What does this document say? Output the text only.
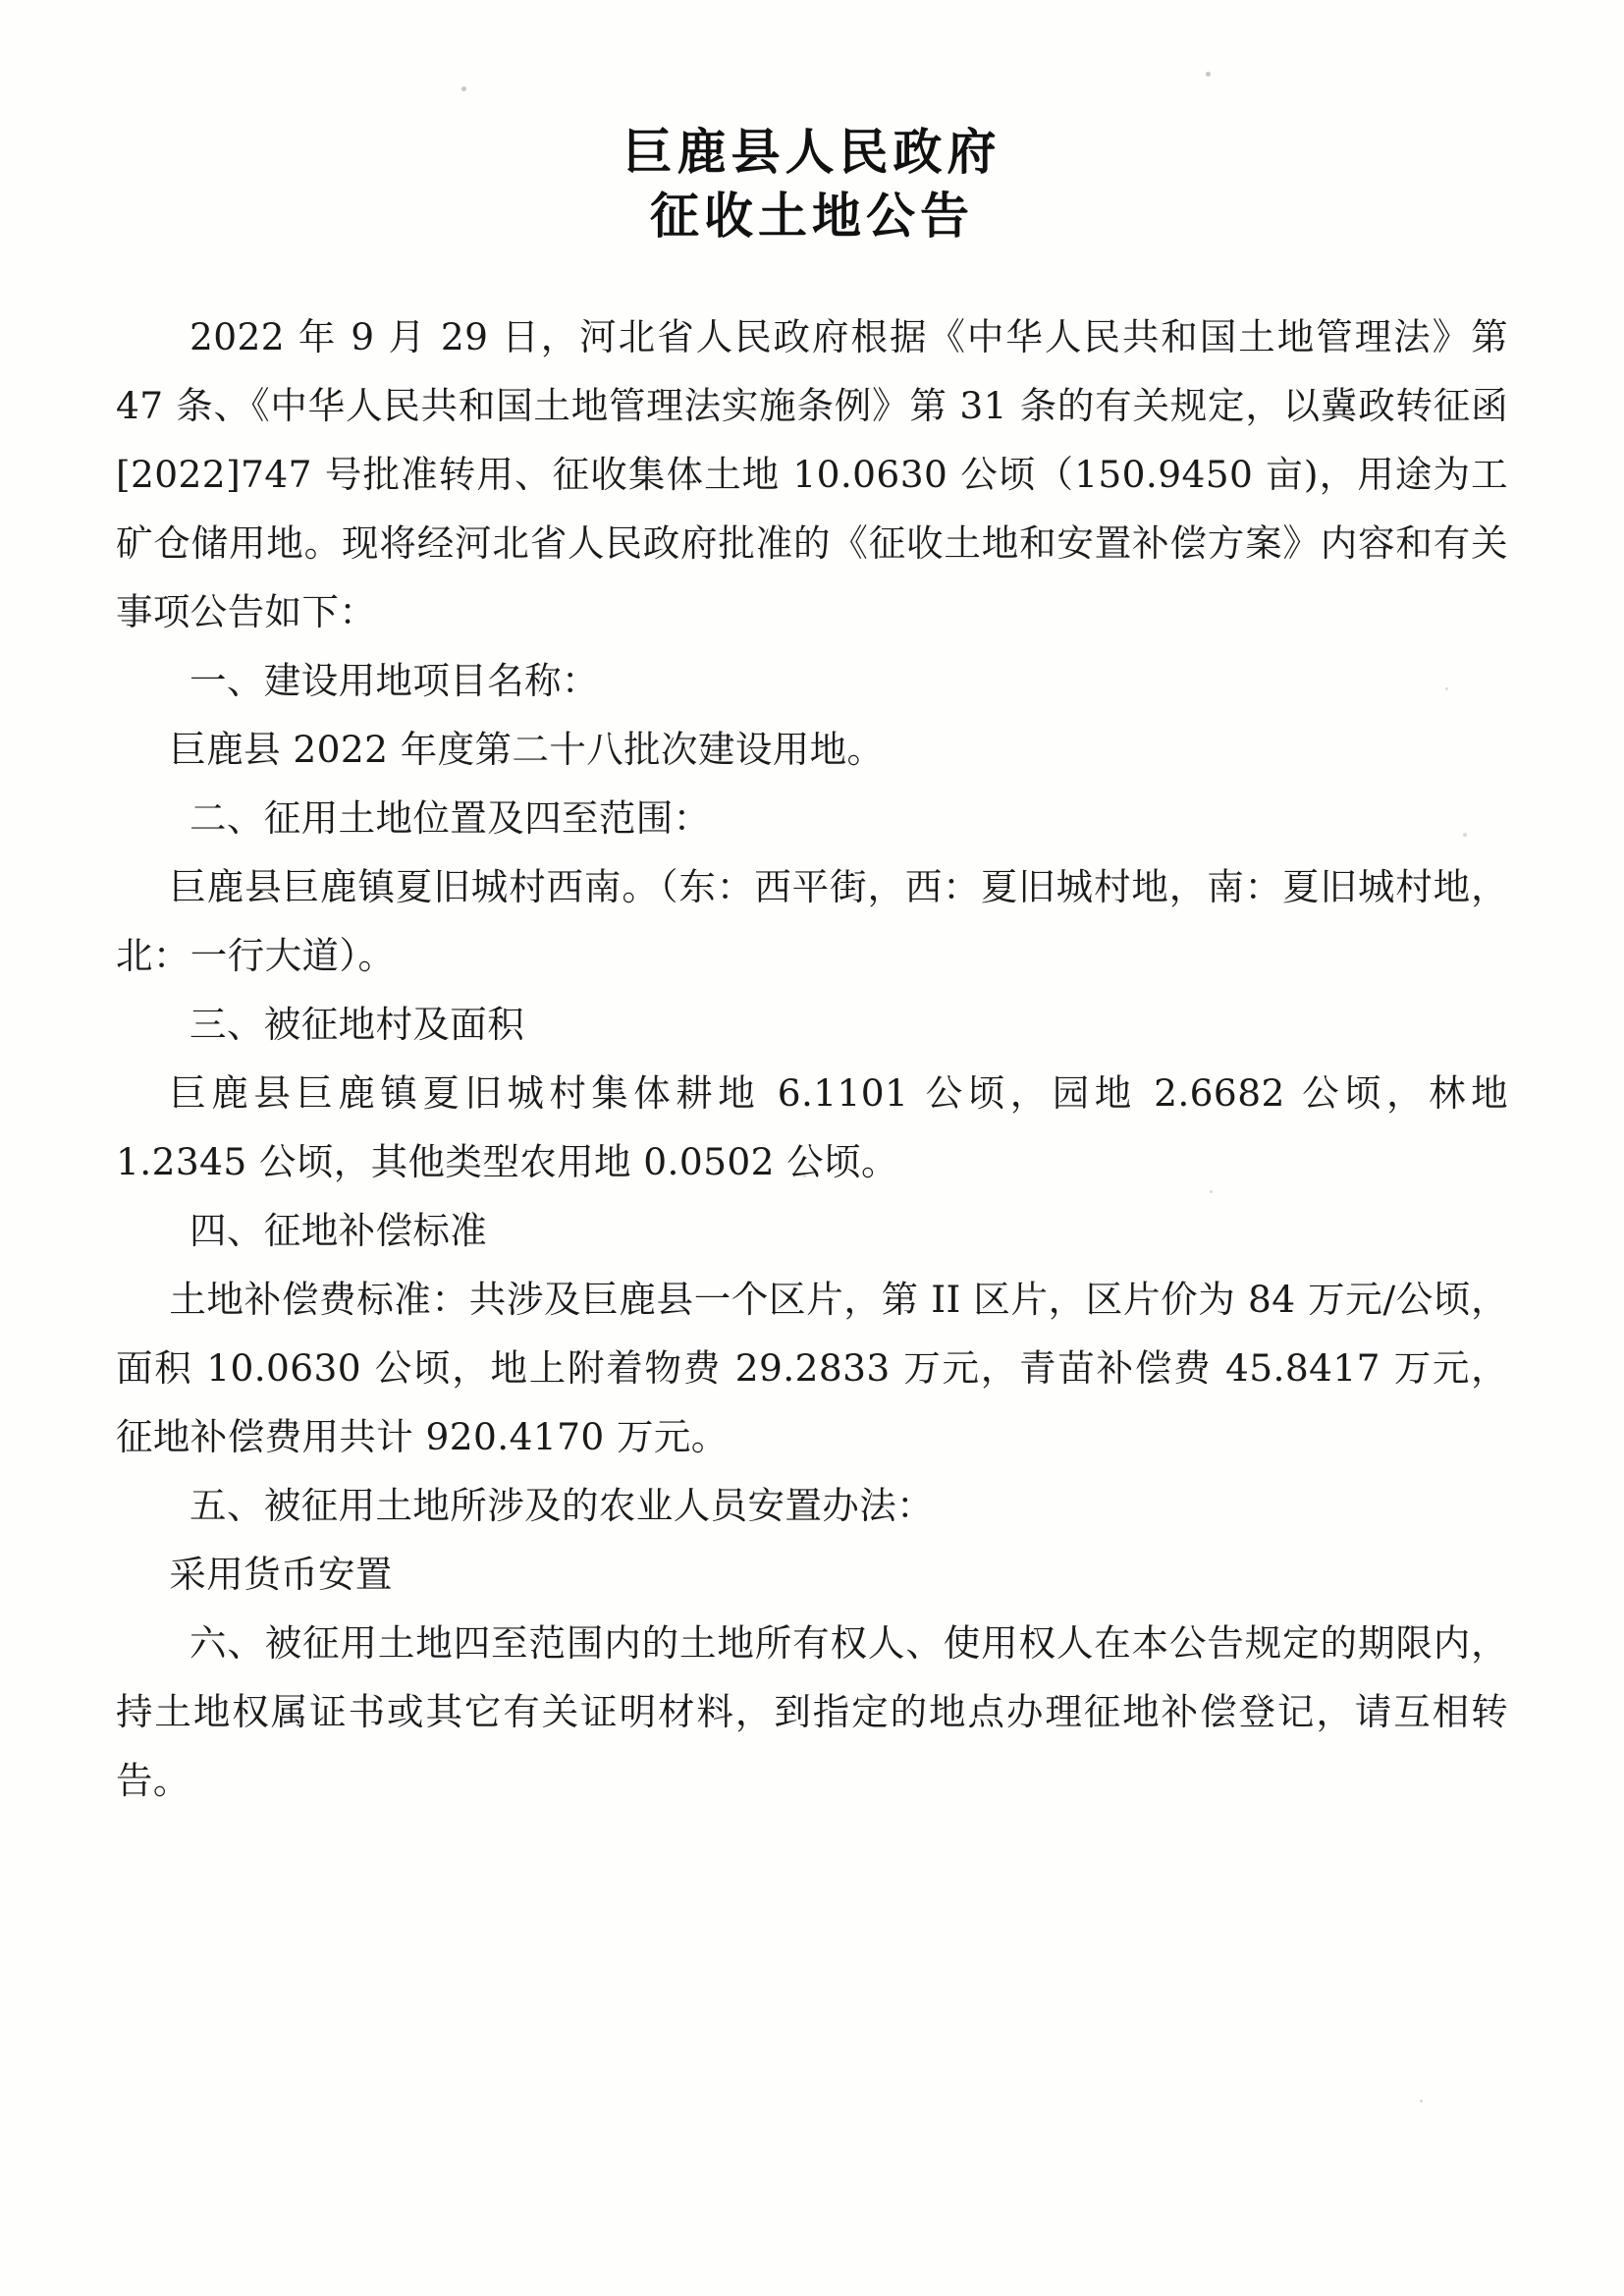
巨鹿县人民政府
征收土地公告

2022 年 9 月 29 日，河北省人民政府根据《中华人民共和国土地管理法》第 47 条、《中华人民共和国土地管理法实施条例》第 31 条的有关规定，以冀政转征函[2022]747 号批准转用、征收集体土地 10.0630 公顷（150.9450 亩)，用途为工矿仓储用地。现将经河北省人民政府批准的《征收土地和安置补偿方案》内容和有关事项公告如下：

一、建设用地项目名称：

巨鹿县 2022 年度第二十八批次建设用地。

二、征用土地位置及四至范围：

巨鹿县巨鹿镇夏旧城村西南。（东：西平街，西：夏旧城村地，南：夏旧城村地，北：一行大道）。

三、被征地村及面积

巨鹿县巨鹿镇夏旧城村集体耕地 6.1101 公顷，园地 2.6682 公顷，林地 1.2345 公顷，其他类型农用地 0.0502 公顷。

四、征地补偿标准

土地补偿费标准：共涉及巨鹿县一个区片，第 II 区片，区片价为 84 万元/公顷，面积 10.0630 公顷，地上附着物费 29.2833 万元，青苗补偿费 45.8417 万元，征地补偿费用共计 920.4170 万元。

五、被征用土地所涉及的农业人员安置办法：

采用货币安置

六、被征用土地四至范围内的土地所有权人、使用权人在本公告规定的期限内，持土地权属证书或其它有关证明材料，到指定的地点办理征地补偿登记，请互相转告。
